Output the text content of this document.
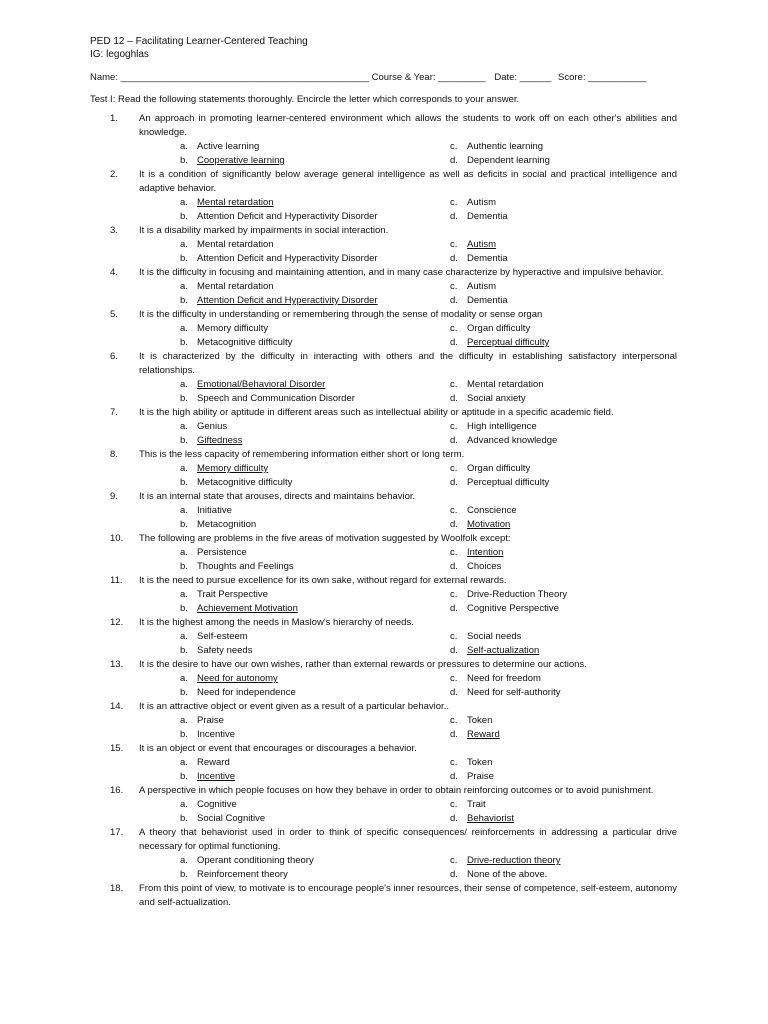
PED 12 – Facilitating Learner-Centered Teaching
IG: legoghlas
Name: _______________________________________________ Course & Year: _________ Date: ______ Score: ___________
Test I: Read the following statements thoroughly. Encircle the letter which corresponds to your answer.
1.	An approach in promoting learner-centered environment which allows the students to work off on each other's abilities and knowledge.
a. Active learning	c. Authentic learning
b. Cooperative learning	d. Dependent learning
2.	It is a condition of significantly below average general intelligence as well as deficits in social and practical intelligence and adaptive behavior.
a. Mental retardation	c. Autism
b. Attention Deficit and Hyperactivity Disorder	d. Dementia
3.	It is a disability marked by impairments in social interaction.
a. Mental retardation	c. Autism
b. Attention Deficit and Hyperactivity Disorder	d. Dementia
4.	It is the difficulty in focusing and maintaining attention, and in many case characterize by hyperactive and impulsive behavior.
a. Mental retardation	c. Autism
b. Attention Deficit and Hyperactivity Disorder	d. Dementia
5.	It is the difficulty in understanding or remembering through the sense of modality or sense organ
a. Memory difficulty	c. Organ difficulty
b. Metacognitive difficulty	d. Perceptual difficulty
6.	It is characterized by the difficulty in interacting with others and the difficulty in establishing satisfactory interpersonal relationships.
a. Emotional/Behavioral Disorder	c. Mental retardation
b. Speech and Communication Disorder	d. Social anxiety
7.	It is the high ability or aptitude in different areas such as intellectual ability or aptitude in a specific academic field.
a. Genius	c. High intelligence
b. Giftedness	d. Advanced knowledge
8.	This is the less capacity of remembering information either short or long term.
a. Memory difficulty	c. Organ difficulty
b. Metacognitive difficulty	d. Perceptual difficulty
9.	It is an internal state that arouses, directs and maintains behavior.
a. Initiative	c. Conscience
b. Metacognition	d. Motivation
10.	The following are problems in the five areas of motivation suggested by Woolfolk except:
a. Persistence	c. Intention
b. Thoughts and Feelings	d. Choices
11.	It is the need to pursue excellence for its own sake, without regard for external rewards.
a. Trait Perspective	c. Drive-Reduction Theory
b. Achievement Motivation	d. Cognitive Perspective
12.	It is the highest among the needs in Maslow's hierarchy of needs.
a. Self-esteem	c. Social needs
b. Safety needs	d. Self-actualization
13.	It is the desire to have our own wishes, rather than external rewards or pressures to determine our actions.
a. Need for autonomy	c. Need for freedom
b. Need for independence	d. Need for self-authority
14.	It is an attractive object or event given as a result of a particular behavior..
a. Praise	c. Token
b. Incentive	d. Reward
15.	It is an object or event that encourages or discourages a behavior.
a. Reward	c. Token
b. Incentive	d. Praise
16.	A perspective in which people focuses on how they behave in order to obtain reinforcing outcomes or to avoid punishment.
a. Cognitive	c. Trait
b. Social Cognitive	d. Behaviorist
17.	A theory that behaviorist used in order to think of specific consequences/ reinforcements in addressing a particular drive necessary for optimal functioning.
a. Operant conditioning theory	c. Drive-reduction theory
b. Reinforcement theory	d. None of the above.
18.	From this point of view, to motivate is to encourage people's inner resources, their sense of competence, self-esteem, autonomy and self-actualization.
